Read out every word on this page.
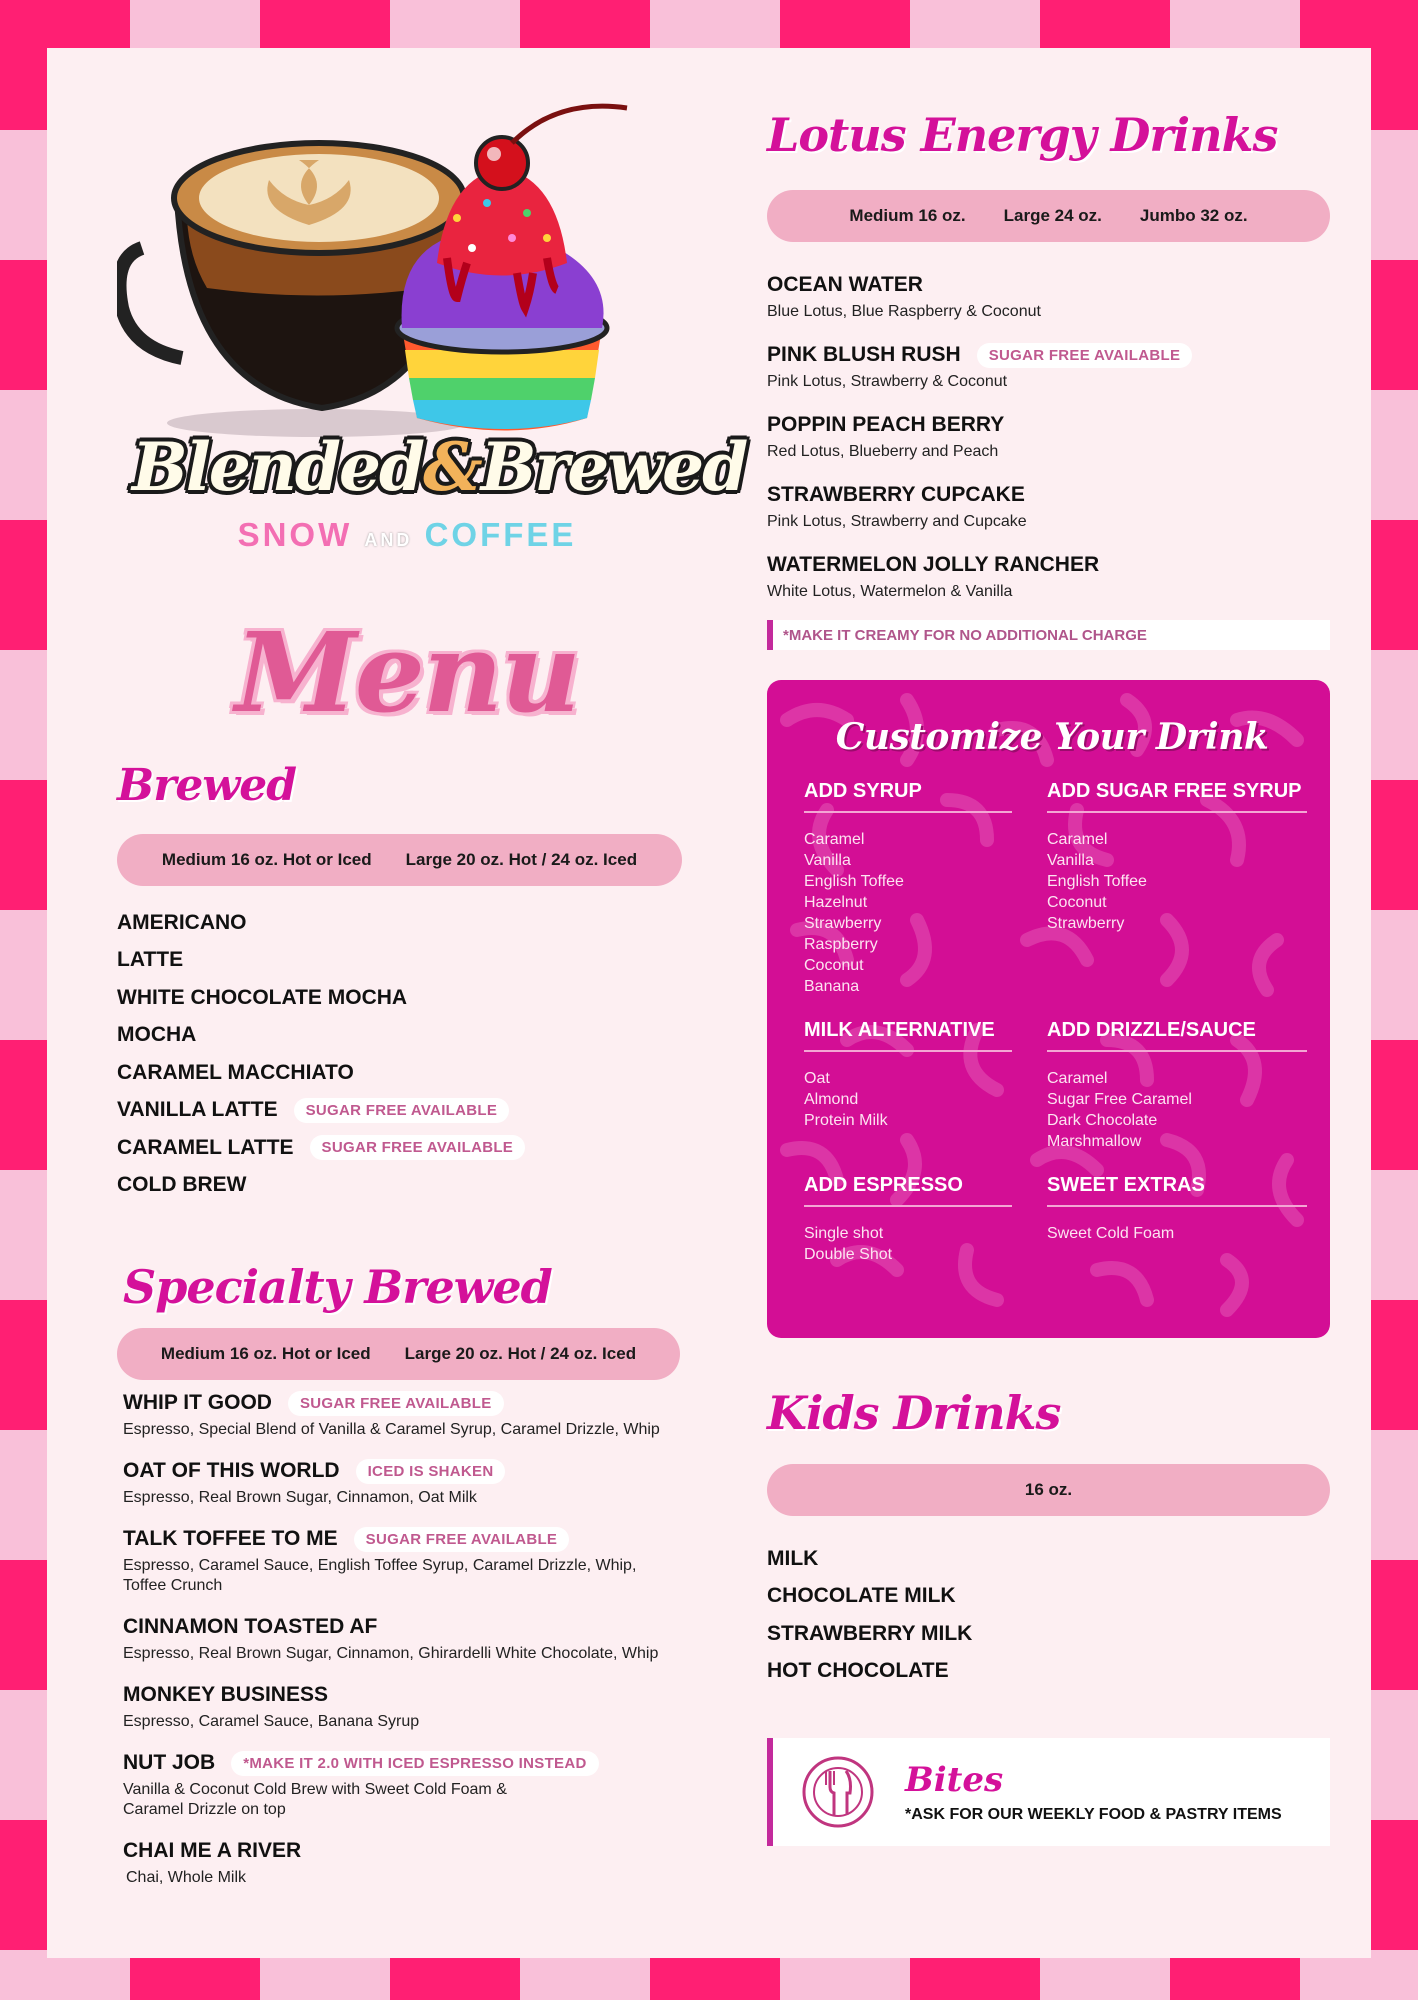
Blended&Brewed
SNOW AND COFFEE
Menu
Brewed
Medium 16 oz. Hot or Iced Large 20 oz. Hot / 24 oz. Iced
AMERICANO
LATTE
WHITE CHOCOLATE MOCHA
MOCHA
CARAMEL MACCHIATO
VANILLA LATTE	SUGAR FREE AVAILABLE
CARAMEL LATTE	SUGAR FREE AVAILABLE
COLD BREW
Specialty Brewed
Medium 16 oz. Hot or Iced Large 20 oz. Hot / 24 oz. Iced
WHIP IT GOOD	SUGAR FREE AVAILABLE
Espresso, Special Blend of Vanilla & Caramel Syrup, Caramel Drizzle, Whip
OAT OF THIS WORLD	ICED IS SHAKEN
Espresso, Real Brown Sugar, Cinnamon, Oat Milk
TALK TOFFEE TO ME	SUGAR FREE AVAILABLE
Espresso, Caramel Sauce, English Toffee Syrup, Caramel Drizzle, Whip, Toffee Crunch
CINNAMON TOASTED AF
Espresso, Real Brown Sugar, Cinnamon, Ghirardelli White Chocolate, Whip
MONKEY BUSINESS
Espresso, Caramel Sauce, Banana Syrup
NUT JOB	*MAKE IT 2.0 WITH ICED ESPRESSO INSTEAD
Vanilla & Coconut Cold Brew with Sweet Cold Foam & Caramel Drizzle on top
CHAI ME A RIVER
Chai, Whole Milk
Lotus Energy Drinks
Medium 16 oz. Large 24 oz. Jumbo 32 oz.
OCEAN WATER
Blue Lotus, Blue Raspberry & Coconut
PINK BLUSH RUSH	SUGAR FREE AVAILABLE
Pink Lotus, Strawberry & Coconut
POPPIN PEACH BERRY
Red Lotus, Blueberry and Peach
STRAWBERRY CUPCAKE
Pink Lotus, Strawberry and Cupcake
WATERMELON JOLLY RANCHER
White Lotus, Watermelon & Vanilla
*MAKE IT CREAMY FOR NO ADDITIONAL CHARGE
Customize Your Drink
ADD SYRUP
Caramel
Vanilla
English Toffee
Hazelnut
Strawberry
Raspberry
Coconut
Banana
ADD SUGAR FREE SYRUP
Caramel
Vanilla
English Toffee
Coconut
Strawberry
MILK ALTERNATIVE
Oat
Almond
Protein Milk
ADD DRIZZLE/SAUCE
Caramel
Sugar Free Caramel
Dark Chocolate
Marshmallow
ADD ESPRESSO
Single shot
Double Shot
SWEET EXTRAS
Sweet Cold Foam
Kids Drinks
16 oz.
MILK
CHOCOLATE MILK
STRAWBERRY MILK
HOT CHOCOLATE
Bites
*ASK FOR OUR WEEKLY FOOD & PASTRY ITEMS
